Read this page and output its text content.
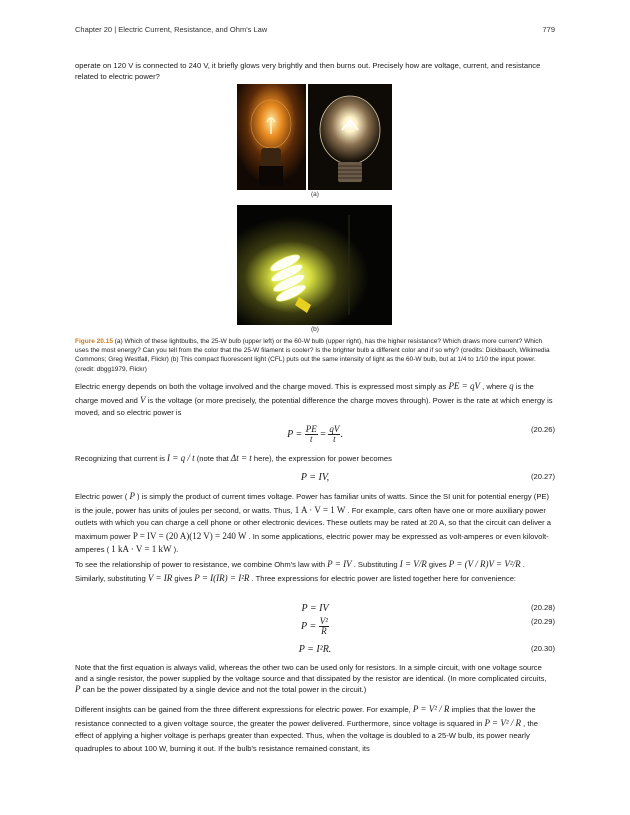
Chapter 20 | Electric Current, Resistance, and Ohm's Law	779
operate on 120 V is connected to 240 V, it briefly glows very brightly and then burns out. Precisely how are voltage, current, and resistance related to electric power?
(a)
(b)
Figure 20.15 (a) Which of these lightbulbs, the 25-W bulb (upper left) or the 60-W bulb (upper right), has the higher resistance? Which draws more current? Which uses the most energy? Can you tell from the color that the 25-W filament is cooler? Is the brighter bulb a different color and if so why? (credits: Dickbauch, Wikimedia Commons; Greg Westfall, Flickr) (b) This compact fluorescent light (CFL) puts out the same intensity of light as the 60-W bulb, but at 1/4 to 1/10 the input power. (credit: dbgg1979, Flickr)
Electric energy depends on both the voltage involved and the charge moved. This is expressed most simply as PE = qV , where q is the charge moved and V is the voltage (or more precisely, the potential difference the charge moves through). Power is the rate at which energy is moved, and so electric power is
$P = \frac{PE}{t} = \frac{qV}{t}$ .	(20.26)
Recognizing that current is I = q / t (note that Δt = t here), the expression for power becomes
P = IV,	(20.27)
Electric power ( P ) is simply the product of current times voltage. Power has familiar units of watts. Since the SI unit for potential energy (PE) is the joule, power has units of joules per second, or watts. Thus, 1 A · V = 1 W . For example, cars often have one or more auxiliary power outlets with which you can charge a cell phone or other electronic devices. These outlets may be rated at 20 A, so that the circuit can deliver a maximum power P = IV = (20 A)(12 V) = 240 W . In some applications, electric power may be expressed as volt-amperes or even kilovolt-amperes ( 1 kA · V = 1 kW ).
To see the relationship of power to resistance, we combine Ohm's law with P = IV . Substituting I = V/R gives P = (V / R)V = V²/R . Similarly, substituting V = IR gives P = I(IR) = I²R . Three expressions for electric power are listed together here for convenience:
P = IV	(20.28)
$P = \frac{\text{V²}}{R}$	(20.29)
P = I²R.	(20.30)
Note that the first equation is always valid, whereas the other two can be used only for resistors. In a simple circuit, with one voltage source and a single resistor, the power supplied by the voltage source and that dissipated by the resistor are identical. (In more complicated circuits, P can be the power dissipated by a single device and not the total power in the circuit.)
Different insights can be gained from the three different expressions for electric power. For example, P = V² / R implies that the lower the resistance connected to a given voltage source, the greater the power delivered. Furthermore, since voltage is squared in P = V² / R , the effect of applying a higher voltage is perhaps greater than expected. Thus, when the voltage is doubled to a 25-W bulb, its power nearly quadruples to about 100 W, burning it out. If the bulb's resistance remained constant, its
